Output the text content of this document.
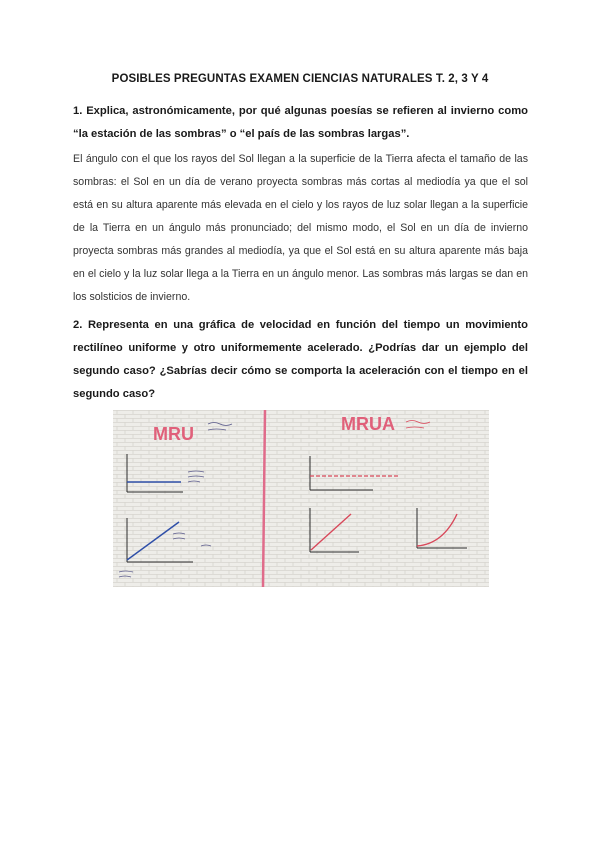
POSIBLES PREGUNTAS EXAMEN CIENCIAS NATURALES T. 2, 3 Y 4
1. Explica, astronómicamente, por qué algunas poesías se refieren al invierno como “la estación de las sombras” o “el país de las sombras largas”.
El ángulo con el que los rayos del Sol llegan a la superficie de la Tierra afecta el tamaño de las sombras: el Sol en un día de verano proyecta sombras más cortas al mediodía ya que el sol está en su altura aparente más elevada en el cielo y los rayos de luz solar llegan a la superficie de la Tierra en un ángulo más pronunciado; del mismo modo, el Sol en un día de invierno proyecta sombras más grandes al mediodía, ya que el Sol está en su altura aparente más baja en el cielo y la luz solar llega a la Tierra en un ángulo menor. Las sombras más largas se dan en los solsticios de invierno.
2. Representa en una gráfica de velocidad en función del tiempo un movimiento rectilíneo uniforme y otro uniformemente acelerado. ¿Podrías dar un ejemplo del segundo caso? ¿Sabrías decir cómo se comporta la aceleración con el tiempo en el segundo caso?
MRU	MRUA
